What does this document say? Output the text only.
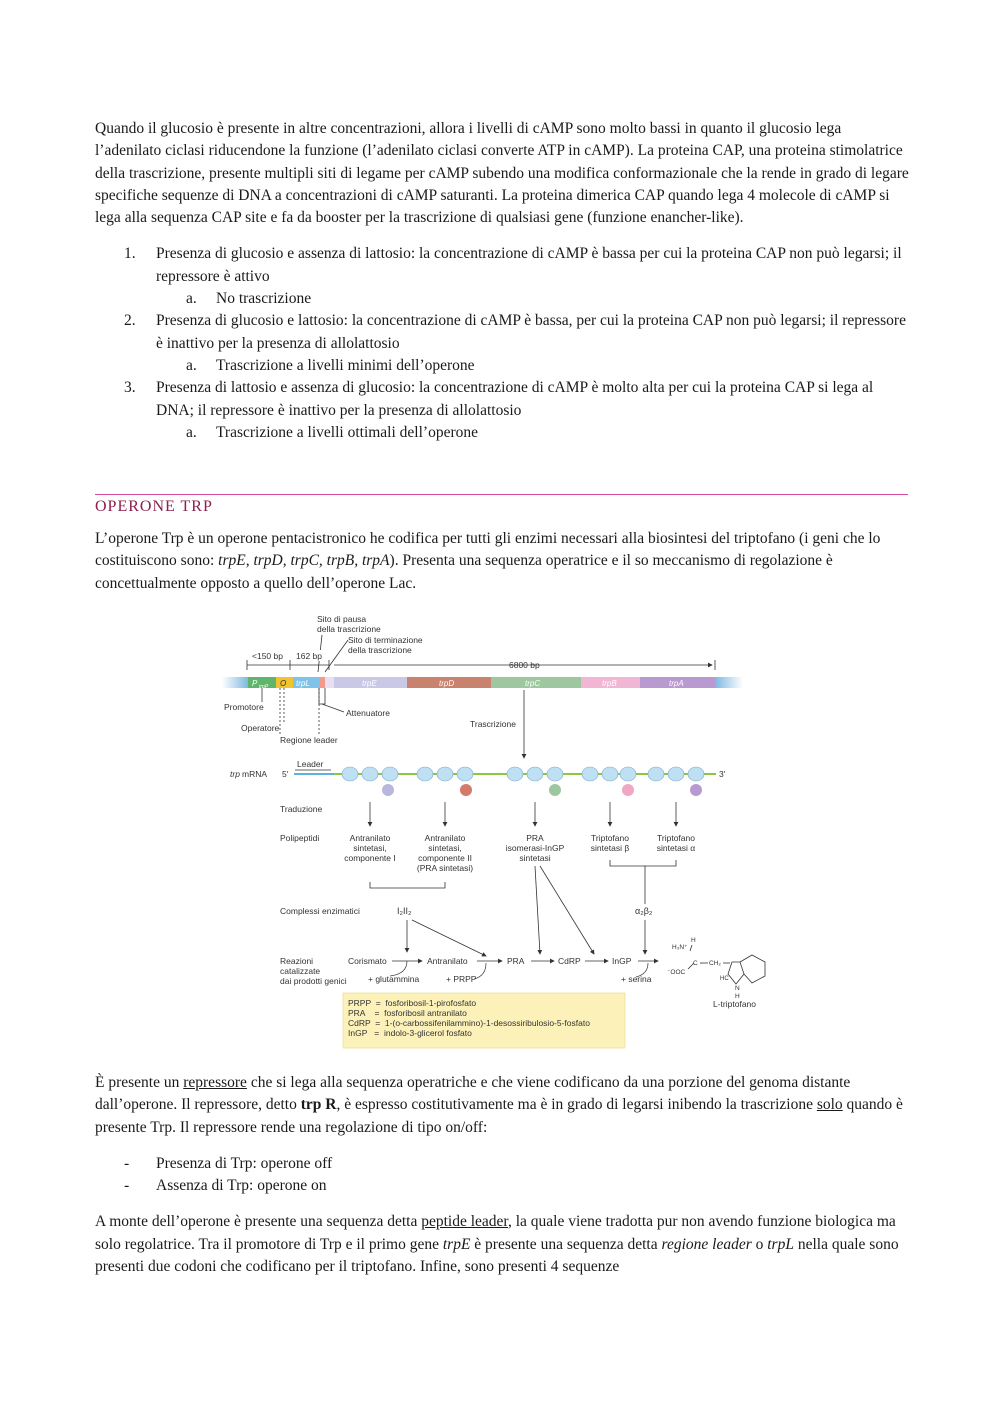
Quando il glucosio è presente in altre concentrazioni, allora i livelli di cAMP sono molto bassi in quanto il glucosio lega l’adenilato ciclasi riducendone la funzione (l’adenilato ciclasi converte ATP in cAMP). La proteina CAP, una proteina stimolatrice della trascrizione, presente multipli siti di legame per cAMP subendo una modifica conformazionale che la rende in grado di legare specifiche sequenze di DNA a concentrazioni di cAMP saturanti. La proteina dimerica CAP quando lega 4 molecole di cAMP si lega alla sequenza CAP site e fa da booster per la trascrizione di qualsiasi gene (funzione enancher-like).

1. Presenza di glucosio e assenza di lattosio: la concentrazione di cAMP è bassa per cui la proteina CAP non può legarsi; il repressore è attivo
a. No trascrizione
2. Presenza di glucosio e lattosio: la concentrazione di cAMP è bassa, per cui la proteina CAP non può legarsi; il repressore è inattivo per la presenza di allolattosio
a. Trascrizione a livelli minimi dell’operone
3. Presenza di lattosio e assenza di glucosio: la concentrazione di cAMP è molto alta per cui la proteina CAP si lega al DNA; il repressore è inattivo per la presenza di allolattosio
a. Trascrizione a livelli ottimali dell’operone
OPERONE TRP

L’operone Trp è un operone pentacistronico he codifica per tutti gli enzimi necessari alla biosintesi del triptofano (i geni che lo costituiscono sono: trpE, trpD, trpC, trpB, trpA). Presenta una sequenza operatrice e il so meccanismo di regolazione è concettualmente opposto a quello dell’operone Lac.

Sito di pausa
della trascrizione
Sito di terminazione
della trascrizione
<150 bp 162 bp
6800 bp
P trpP O trpL	trpE	trpD	trpC	trpB	trpA
Promotore
Operatore
Regione leader
Attenuatore
Trascrizione
Leader
trp mRNA 5′	3′
Traduzione
Polipeptidi	Antranilato
sintetasi,
componente I
Antranilato
sintetasi,
componente II
(PRA sintetasi)
PRA
isomerasi-InGP
sintetasi
Triptofano
sintetasi β
Triptofano
sintetasi α
Complessi enzimatici	I₂II₂	α₂β₂
Reazioni
catalizzate
dai prodotti genici
Corismato	Antranilato	PRA	CdRP	InGP
+ glutammina	+ PRPP	+ serina
H₃N⁺
H
⁻OOC
C CH₂
HC
N
H
L-triptofano
PRPP  =  fosforibosil-1-pirofosfato
PRA    =  fosforibosil antranilato
CdRP  =  1-(o-carbossifenilammino)-1-desossiribulosio-5-fosfato
InGP   =  indolo-3-glicerol fosfato

È presente un repressore che si lega alla sequenza operatriche e che viene codificano da una porzione del genoma distante dall’operone. Il repressore, detto trp R, è espresso costitutivamente ma è in grado di legarsi inibendo la trascrizione solo quando è presente Trp. Il repressore rende una regolazione di tipo on/off:

- Presenza di Trp: operone off
- Assenza di Trp: operone on

A monte dell’operone è presente una sequenza detta peptide leader, la quale viene tradotta pur non avendo funzione biologica ma solo regolatrice. Tra il promotore di Trp e il primo gene trpE è presente una sequenza detta regione leader o trpL nella quale sono presenti due codoni che codificano per il triptofano. Infine, sono presenti 4 sequenze
